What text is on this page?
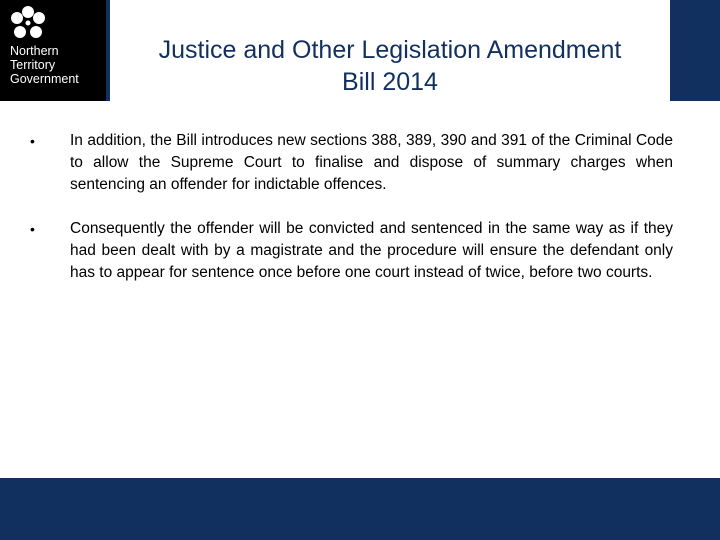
Northern
Territory
Government
Justice and Other Legislation Amendment
Bill 2014

• In addition, the Bill introduces new sections 388, 389, 390 and 391 of the Criminal Code to allow the Supreme Court to finalise and dispose of summary charges when sentencing an offender for indictable offences.

• Consequently the offender will be convicted and sentenced in the same way as if they had been dealt with by a magistrate and the procedure will ensure the defendant only has to appear for sentence once before one court instead of twice, before two courts.
